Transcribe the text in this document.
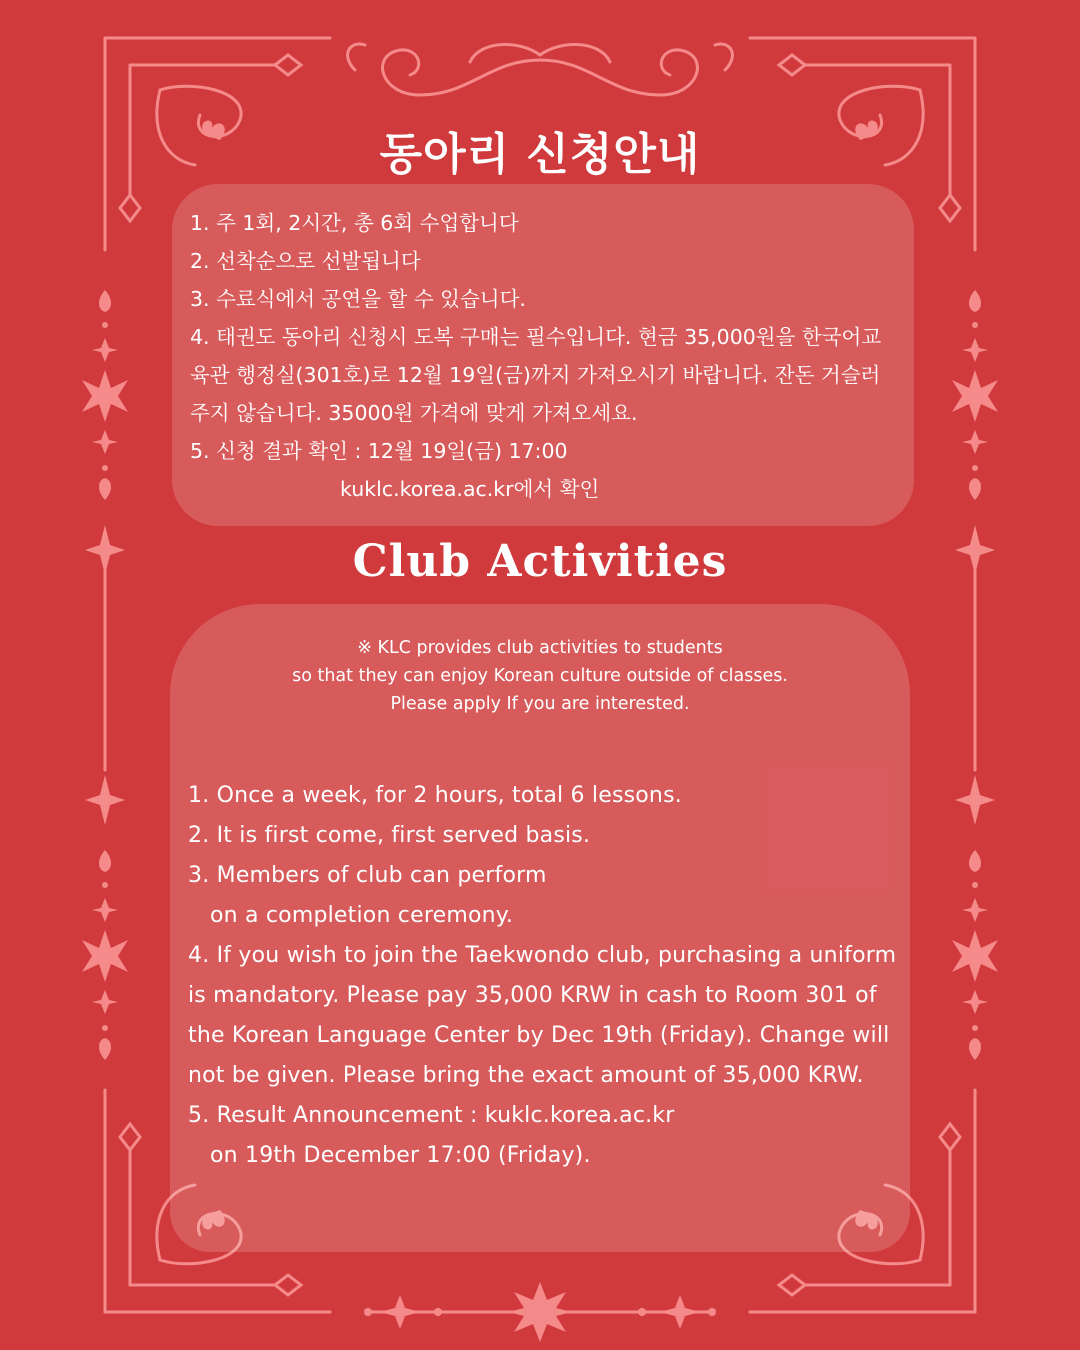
동아리 신청안내
1. 주 1회, 2시간, 총 6회 수업합니다
2. 선착순으로 선발됩니다
3. 수료식에서 공연을 할 수 있습니다.
4. 태권도 동아리 신청시 도복 구매는 필수입니다. 현금 35,000원을 한국어교육관 행정실(301호)로 12월 19일(금)까지 가져오시기 바랍니다. 잔돈 거슬러 주지 않습니다. 35000원 가격에 맞게 가져오세요.
5. 신청 결과 확인 : 12월 19일(금) 17:00
kuklc.korea.ac.kr에서 확인
Club Activities
※ KLC provides club activities to students
so that they can enjoy Korean culture outside of classes.
Please apply If you are interested.
1. Once a week, for 2 hours, total 6 lessons.
2. It is first come, first served basis.
3. Members of club can perform
on a completion ceremony.
4. If you wish to join the Taekwondo club, purchasing a uniform is mandatory. Please pay 35,000 KRW in cash to Room 301 of the Korean Language Center by Dec 19th (Friday). Change will not be given. Please bring the exact amount of 35,000 KRW.
5. Result Announcement : kuklc.korea.ac.kr
on 19th December 17:00 (Friday).
